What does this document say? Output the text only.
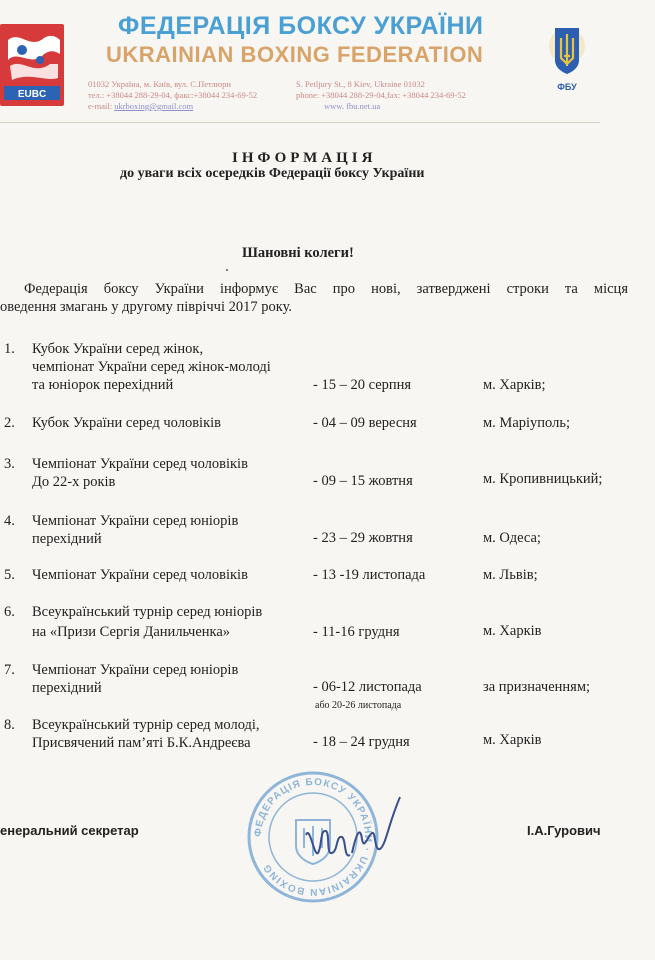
EUBC
ФЕДЕРАЦІЯ БОКСУ УКРАЇНИ
UKRAINIAN BOXING FEDERATION
01032 Україна, м. Київ, вул. С.Петлюри
тел.: +38044 288-29-04, факс:+38044 234-69-52
e-mail: ukrboxing@gmail.com
S. Petljury St., 8 Kiev, Ukraine 01032
phone: +38044 288-29-04,fax: +38044 234-69-52
www. fbu.net.ua
ФБУ
ІНФОРМАЦІЯ
до уваги всіх осередків Федерації боксу України
Шановні колеги!
Федерація боксу України інформує Вас про нові, затверджені строки та місця
оведення змагань у другому півріччі 2017 року.
1. Кубок України серед жінок,
чемпіонат України серед жінок-молоді
та юніорок перехідний	- 15 – 20 серпня	м. Харків;
2. Кубок України серед чоловіків	- 04 – 09 вересня	м. Маріуполь;
3. Чемпіонат України серед чоловіків
До 22-х років	- 09 – 15 жовтня	м. Кропивницький;
4. Чемпіонат України серед юніорів
перехідний	- 23 – 29 жовтня	м. Одеса;
5. Чемпіонат України серед чоловіків	- 13 -19 листопада	м. Львів;
6. Всеукраїнський турнір серед юніорів
на «Призи Сергія Данильченка»	- 11-16 грудня	м. Харків
7. Чемпіонат України серед юніорів
перехідний	- 06-12 листопада	за призначенням;
або 20-26 листопада
8. Всеукраїнський турнір серед молоді,
Присвячений пам’яті Б.К.Андреєва	- 18 – 24 грудня	м. Харків
ФЕДЕРАЦІЯ БОКСУ УКРАЇНИ · UKRAINIAN BOXING
енеральний секретар	І.А.Гурович
